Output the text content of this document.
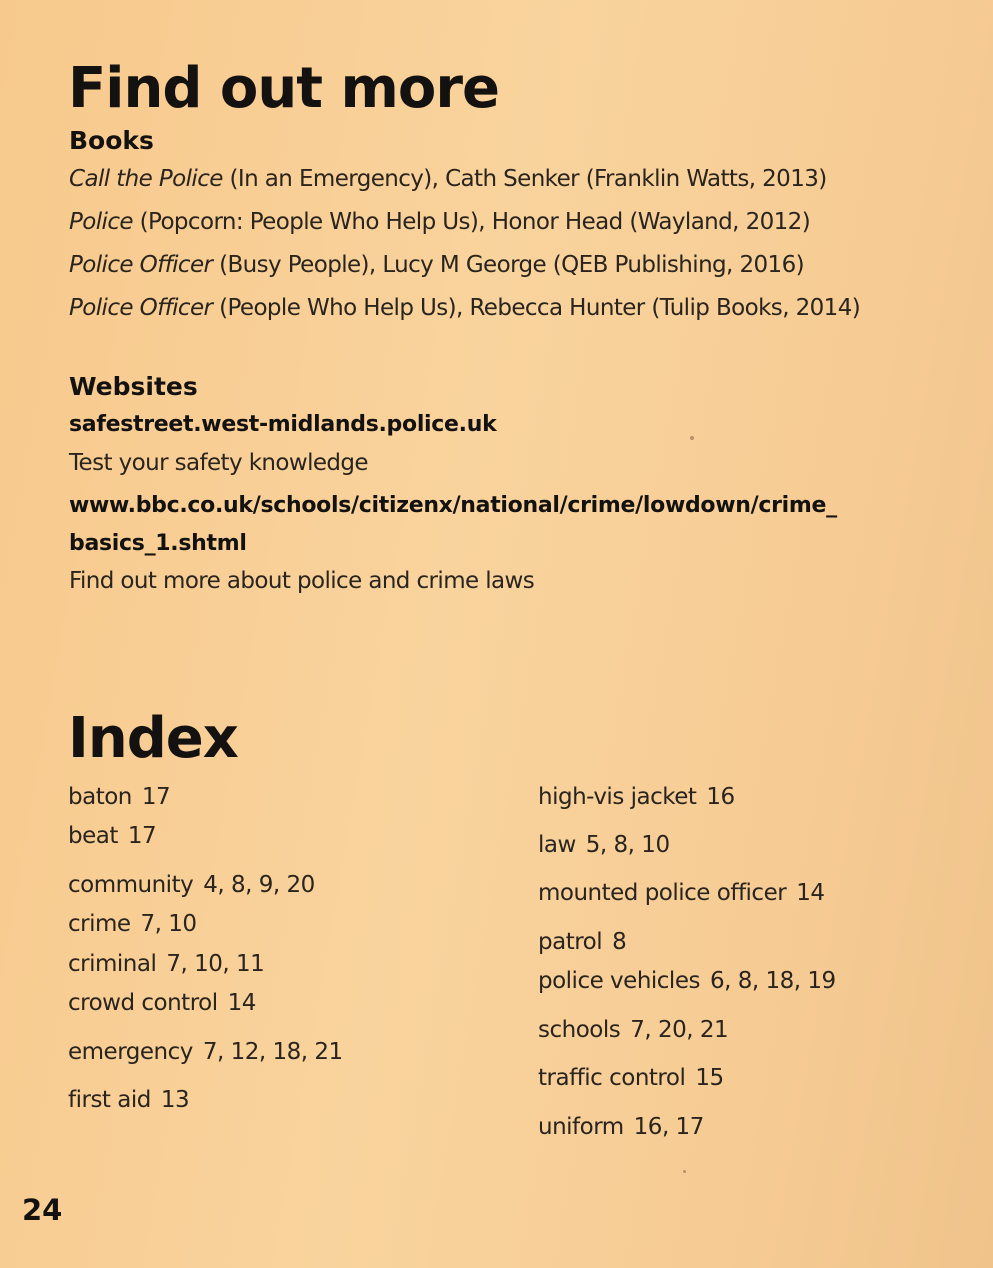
Find out more
Books
Call the Police (In an Emergency), Cath Senker (Franklin Watts, 2013)
Police (Popcorn: People Who Help Us), Honor Head (Wayland, 2012)
Police Officer (Busy People), Lucy M George (QEB Publishing, 2016)
Police Officer (People Who Help Us), Rebecca Hunter (Tulip Books, 2014)
Websites
safestreet.west-midlands.police.uk
Test your safety knowledge
www.bbc.co.uk/schools/citizenx/national/crime/lowdown/crime_
basics_1.shtml
Find out more about police and crime laws
Index
baton 17
beat 17
community 4, 8, 9, 20
crime 7, 10
criminal 7, 10, 11
crowd control 14
emergency 7, 12, 18, 21
first aid 13
high-vis jacket 16
law 5, 8, 10
mounted police officer 14
patrol 8
police vehicles 6, 8, 18, 19
schools 7, 20, 21
traffic control 15
uniform 16, 17
24
